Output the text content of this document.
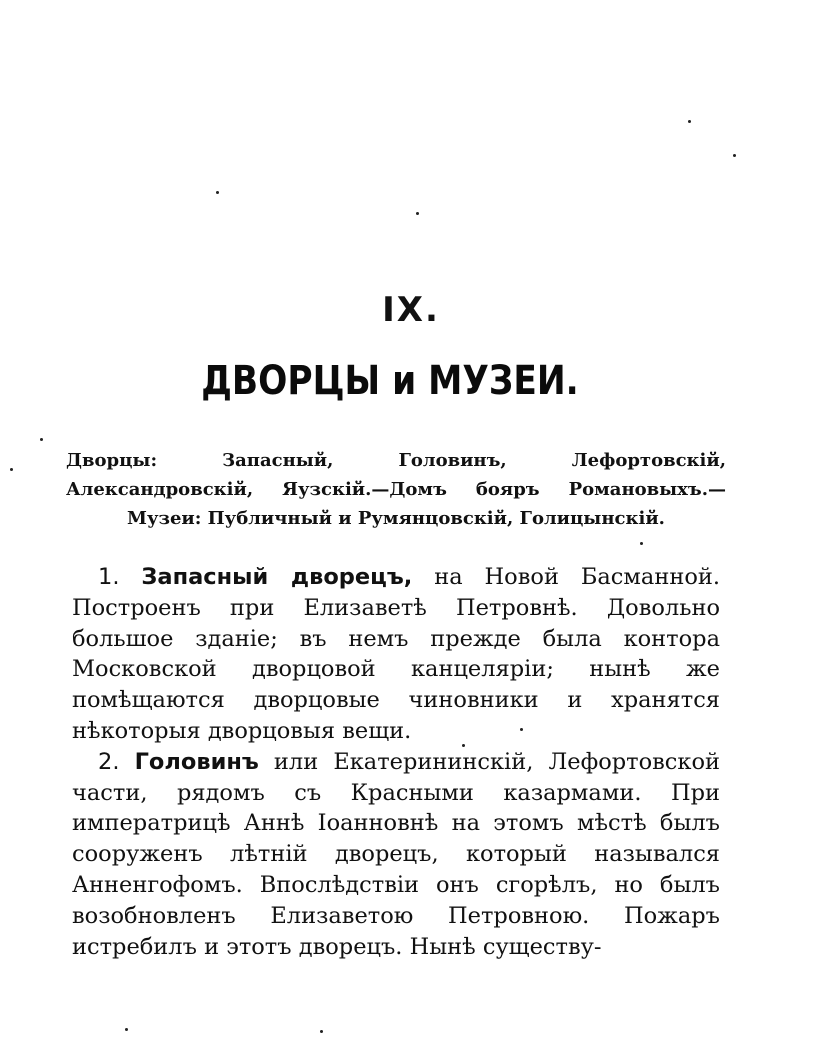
IX.
ДВОРЦЫ и МУЗЕИ.
Дворцы: Запасный, Головинъ, Лефортовскій, Александровскій, Яузскій.—Домъ бояръ Романовыхъ.—Музеи: Публичный и Румянцовскій, Голицынскій.

1. Запасный дворецъ, на Новой Басманной. Построенъ при Елизаветѣ Петровнѣ. Довольно большое зданіе; въ немъ прежде была контора Московской дворцовой канцеляріи; нынѣ же помѣщаются дворцовые чиновники и хранятся нѣкоторыя дворцовыя вещи.

2. Головинъ или Екатерининскій, Лефортовской части, рядомъ съ Красными казармами. При императрицѣ Аннѣ Іоанновнѣ на этомъ мѣстѣ былъ сооруженъ лѣтній дворецъ, который назывался Анненгофомъ. Впослѣдствіи онъ сгорѣлъ, но былъ возобновленъ Елизаветою Петровною. Пожаръ истребилъ и этотъ дворецъ. Нынѣ существу-
